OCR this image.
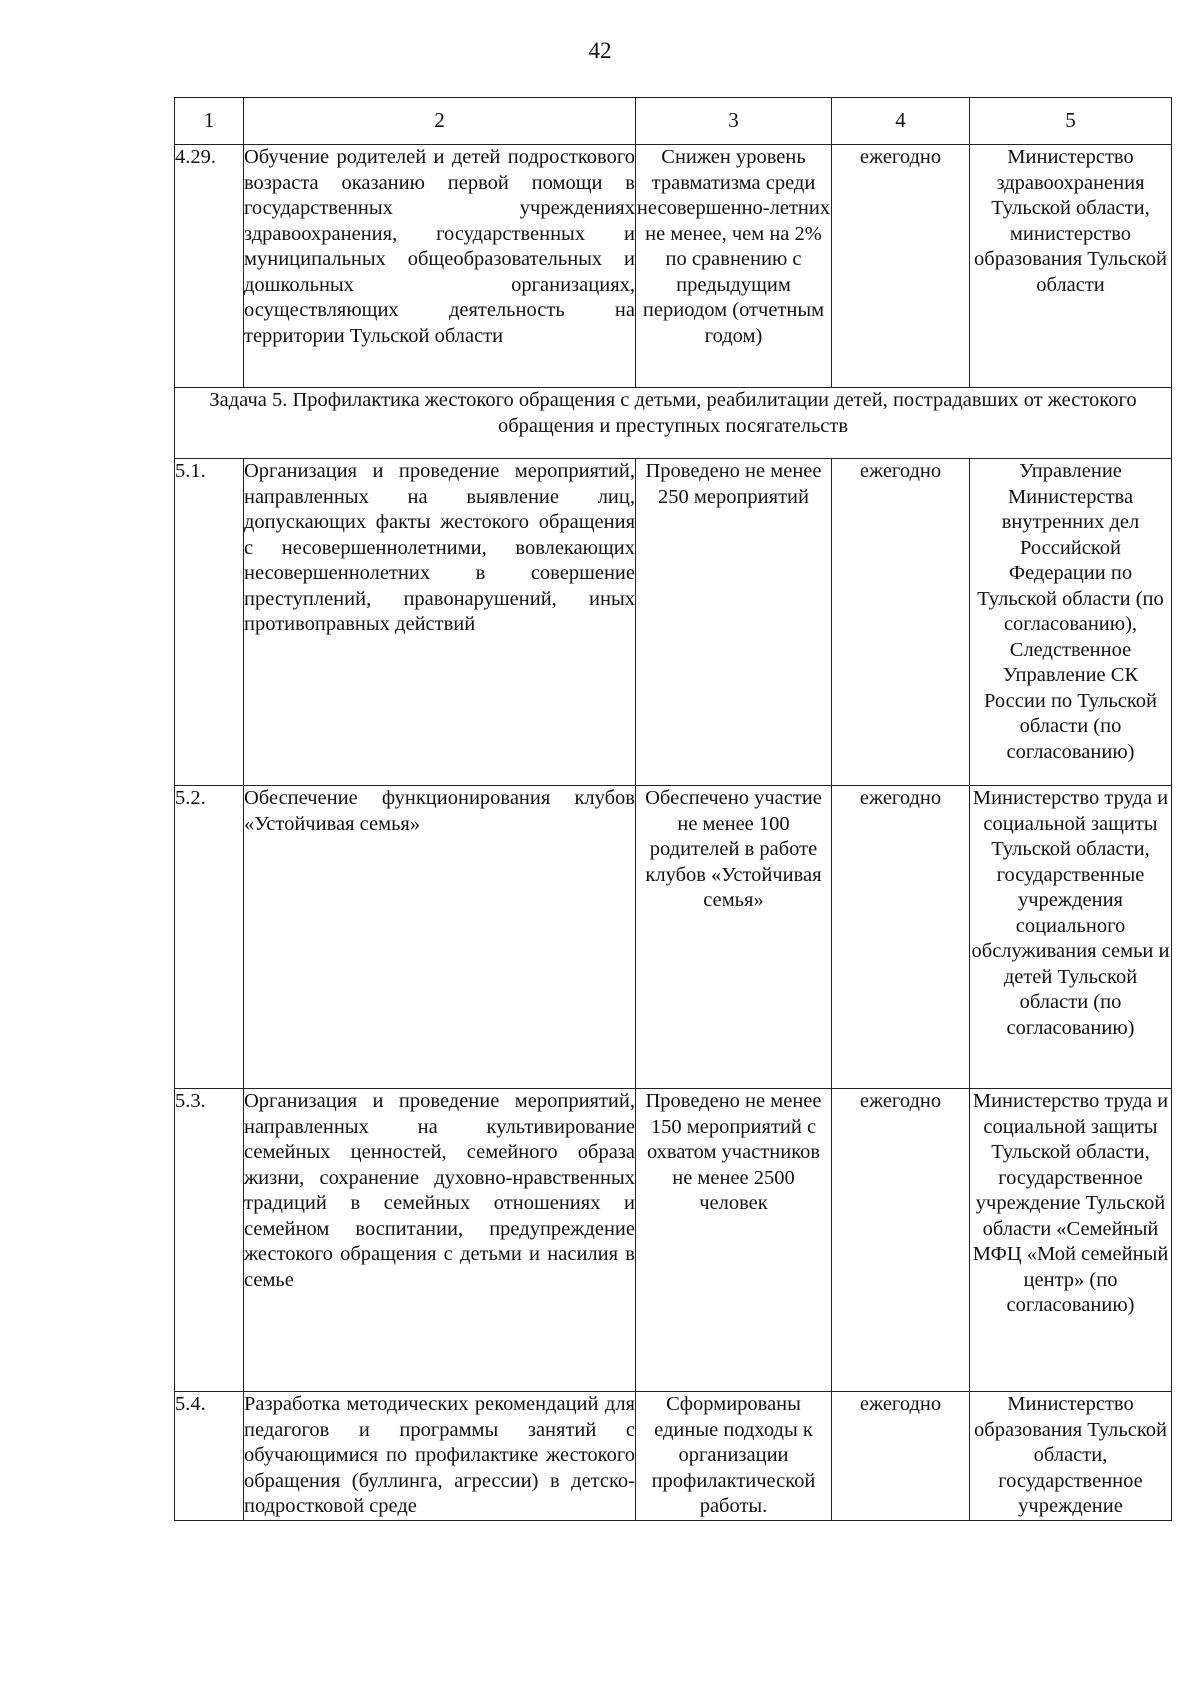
42
1	2	3	4	5
4.29.	Обучение родителей и детей подросткового возраста оказанию первой помощи в государственных учреждениях здравоохранения, государственных и муниципальных общеобразовательных и дошкольных организациях, осуществляющих деятельность на территории Тульской области	Снижен уровень травматизма среди несовершенно-летних не менее, чем на 2% по сравнению с предыдущим периодом (отчетным годом)	ежегодно	Министерство здравоохранения Тульской области, министерство образования Тульской области
Задача 5. Профилактика жестокого обращения с детьми, реабилитации детей, пострадавших от жестокого обращения и преступных посягательств				
5.1.	Организация и проведение мероприятий, направленных на выявление лиц, допускающих факты жестокого обращения с несовершеннолетними, вовлекающих несовершеннолетних в совершение преступлений, правонарушений, иных противоправных действий	Проведено не менее 250 мероприятий	ежегодно	Управление Министерства внутренних дел Российской Федерации по Тульской области (по согласованию), Следственное Управление СК России по Тульской области (по согласованию)
5.2.	Обеспечение функционирования клубов «Устойчивая семья»	Обеспечено участие не менее 100 родителей в работе клубов «Устойчивая семья»	ежегодно	Министерство труда и социальной защиты Тульской области, государственные учреждения социального обслуживания семьи и детей Тульской области (по согласованию)
5.3.	Организация и проведение мероприятий, направленных на культивирование семейных ценностей, семейного образа жизни, сохранение духовно-нравственных традиций в семейных отношениях и семейном воспитании, предупреждение жестокого обращения с детьми и насилия в семье	Проведено не менее 150 мероприятий с охватом участников не менее 2500 человек	ежегодно	Министерство труда и социальной защиты Тульской области, государственное учреждение Тульской области «Семейный МФЦ «Мой семейный центр» (по согласованию)
5.4.	Разработка методических рекомендаций для педагогов и программы занятий с обучающимися по профилактике жестокого обращения (буллинга, агрессии) в детско-подростковой среде	Сформированы единые подходы к организации профилактической работы.	ежегодно	Министерство образования Тульской области, государственное учреждение
